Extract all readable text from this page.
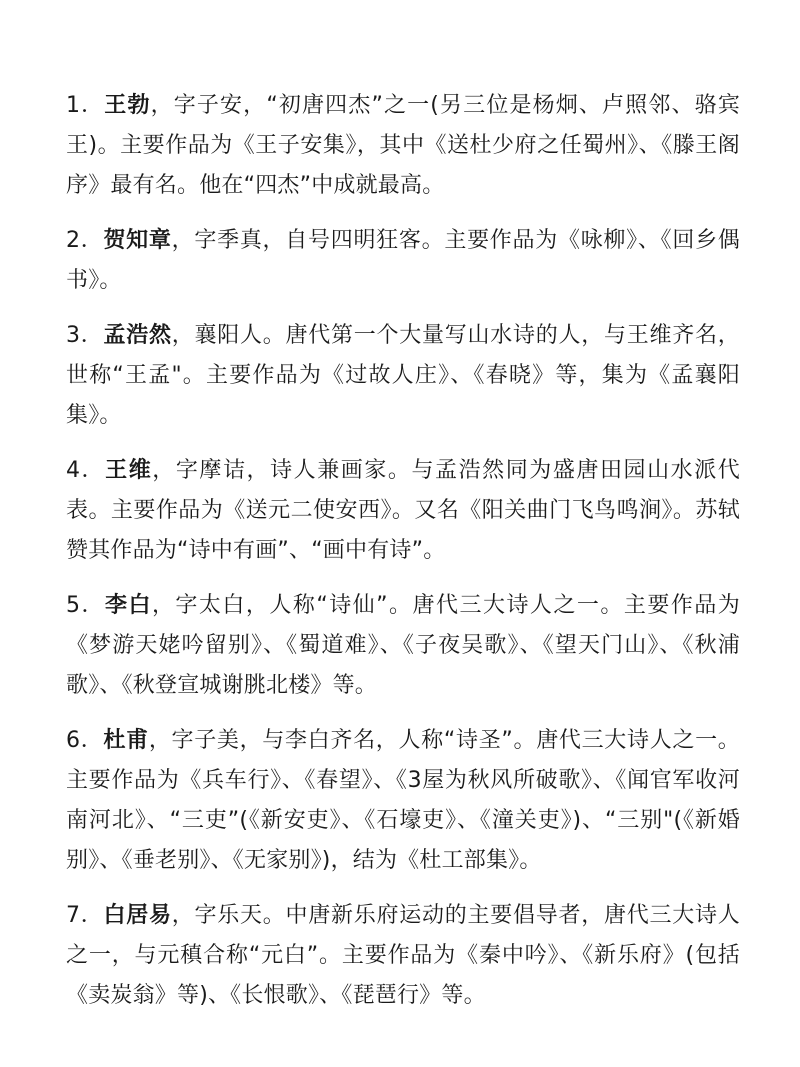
1．王勃，字子安，“初唐四杰”之一(另三位是杨炯、卢照邻、骆宾王)。主要作品为《王子安集》，其中《送杜少府之任蜀州》、《滕王阁序》最有名。他在“四杰”中成就最高。

2．贺知章，字季真，自号四明狂客。主要作品为《咏柳》、《回乡偶书》。

3．孟浩然，襄阳人。唐代第一个大量写山水诗的人，与王维齐名，世称“王孟"。主要作品为《过故人庄》、《春晓》等，集为《孟襄阳集》。

4．王维，字摩诘，诗人兼画家。与孟浩然同为盛唐田园山水派代表。主要作品为《送元二使安西》。又名《阳关曲门飞鸟鸣涧》。苏轼赞其作品为“诗中有画”、“画中有诗”。

5．李白，字太白，人称“诗仙”。唐代三大诗人之一。主要作品为《梦游天姥吟留别》、《蜀道难》、《子夜吴歌》、《望天门山》、《秋浦歌》、《秋登宣城谢朓北楼》等。

6．杜甫，字子美，与李白齐名，人称“诗圣”。唐代三大诗人之一。主要作品为《兵车行》、《春望》、《3屋为秋风所破歌》、《闻官军收河南河北》、“三吏”(《新安吏》、《石壕吏》、《潼关吏》)、“三别"(《新婚别》、《垂老别》、《无家别》)，结为《杜工部集》。

7．白居易，字乐天。中唐新乐府运动的主要倡导者，唐代三大诗人之一，与元稹合称“元白”。主要作品为《秦中吟》、《新乐府》(包括《卖炭翁》等)、《长恨歌》、《琵琶行》等。
